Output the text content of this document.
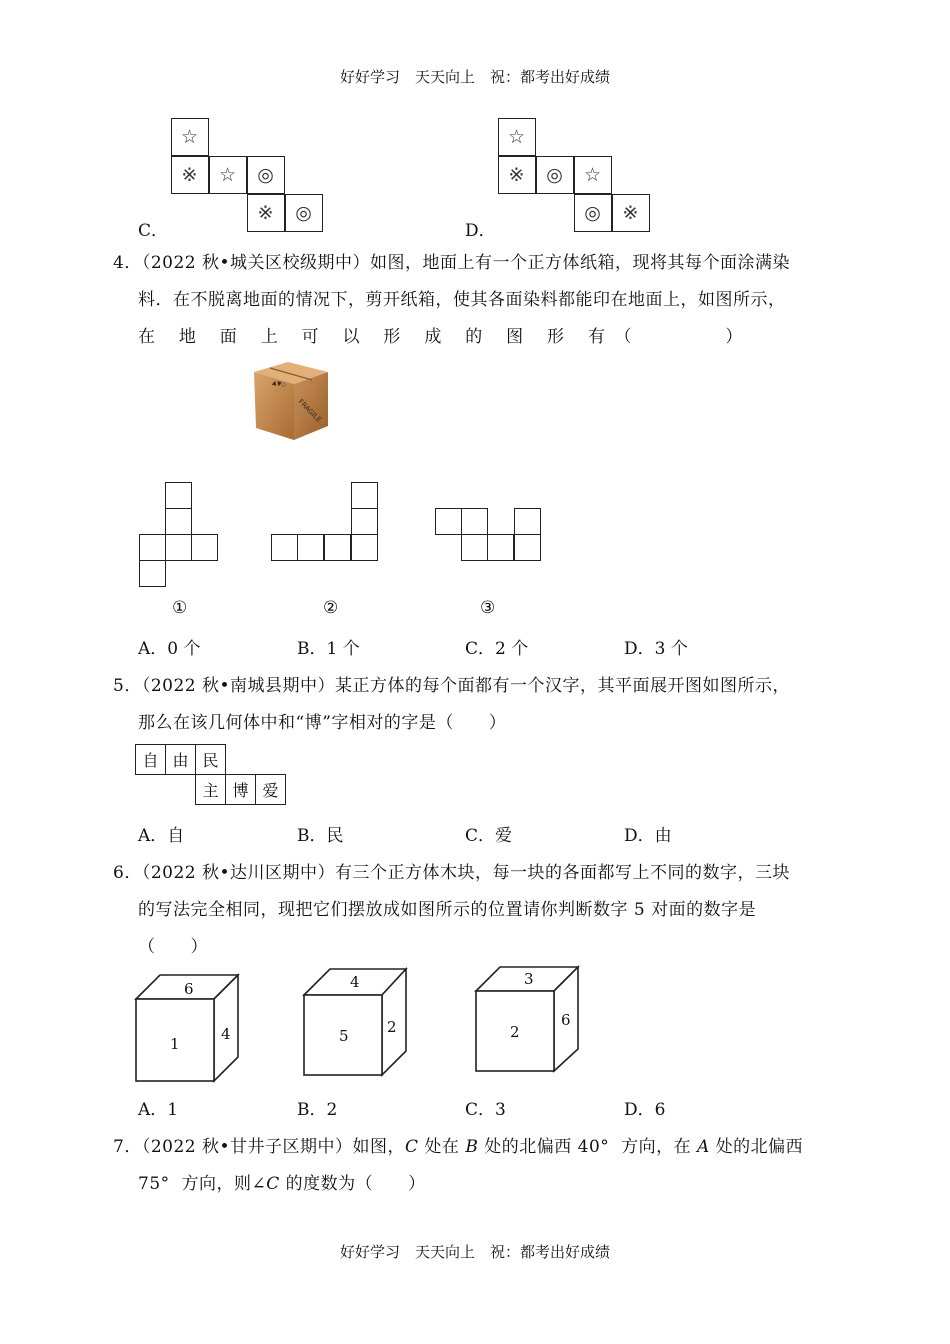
好好学习　天天向上　祝：都考出好成绩
☆
※	☆	◎
※	◎
C．
☆
※	◎	☆
◎	※
D．
4．（2022 秋•城关区校级期中）如图，地面上有一个正方体纸箱，现将其每个面涂满染
料．在不脱离地面的情况下，剪开纸箱，使其各面染料都能印在地面上，如图所示，
在　 地　 面　 上　 可　 以　 形　 成　 的　 图　 形　 有　（　　　　　 ）
▲▼◇
FRAGILE
①	②	③
A．0 个	B．1 个	C．2 个	D．3 个
5．（2022 秋•南城县期中）某正方体的每个面都有一个汉字，其平面展开图如图所示，
那么在该几何体中和“博”字相对的字是（　　）
自 由 民
主 博 爱
A．自	B．民	C．爱	D．由
6．（2022 秋•达川区期中）有三个正方体木块，每一块的各面都写上不同的数字，三块
的写法完全相同，现把它们摆放成如图所示的位置请你判断数字 5 对面的数字是
（　　）
6
1
4
4
5	2
3
2
6
A．1	B．2	C．3	D．6
7．（2022 秋•甘井子区期中）如图，C 处在 B 处的北偏西 40°  方向，在 A 处的北偏西
75°  方向，则∠C 的度数为（　　）
好好学习　天天向上　祝：都考出好成绩
